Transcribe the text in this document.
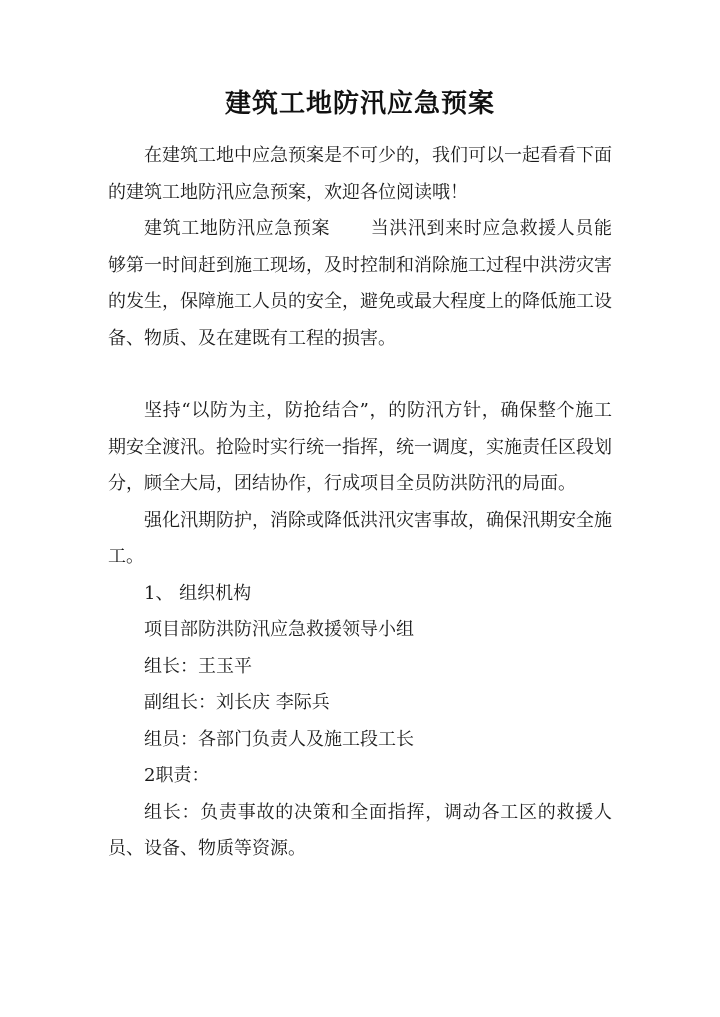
建筑工地防汛应急预案

在建筑工地中应急预案是不可少的，我们可以一起看看下面的建筑工地防汛应急预案，欢迎各位阅读哦！

建筑工地防汛应急预案 当洪汛到来时应急救援人员能够第一时间赶到施工现场，及时控制和消除施工过程中洪涝灾害的发生，保障施工人员的安全，避免或最大程度上的降低施工设备、物质、及在建既有工程的损害。

坚持“以防为主，防抢结合”，的防汛方针，确保整个施工期安全渡汛。抢险时实行统一指挥，统一调度，实施责任区段划分，顾全大局，团结协作，行成项目全员防洪防汛的局面。

强化汛期防护，消除或降低洪汛灾害事故，确保汛期安全施工。

1、 组织机构

项目部防洪防汛应急救援领导小组

组长：王玉平

副组长：刘长庆 李际兵

组员：各部门负责人及施工段工长

2职责：

组长：负责事故的决策和全面指挥，调动各工区的救援人员、设备、物质等资源。
